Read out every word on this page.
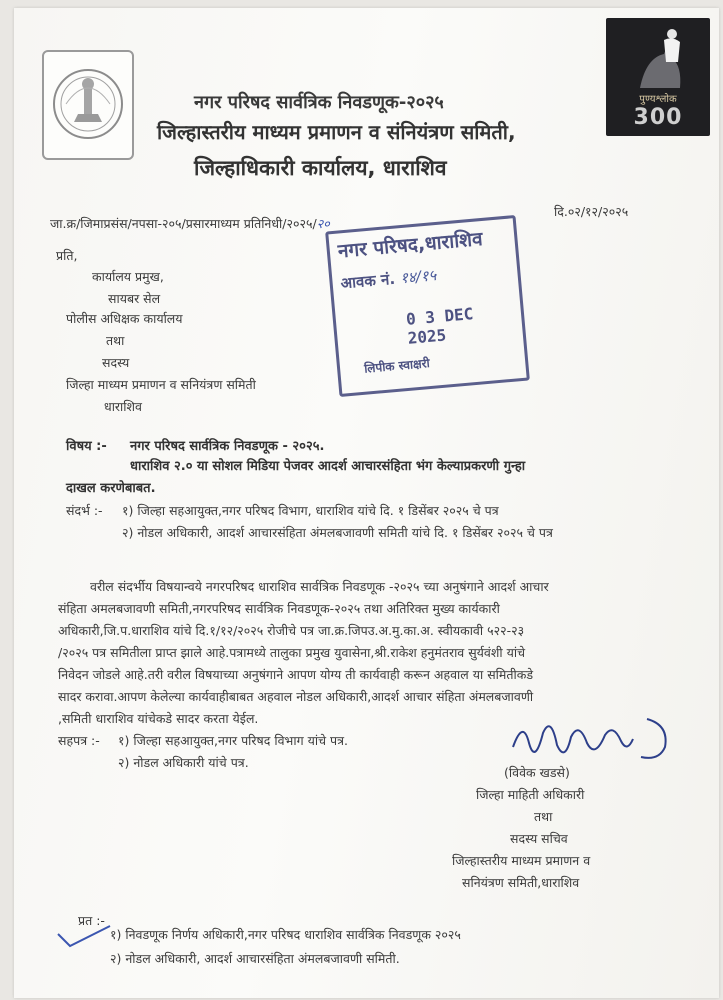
पुण्यश्लोक
300
नगर परिषद सार्वत्रिक निवडणूक-२०२५
जिल्हास्तरीय माध्यम प्रमाणन व संनियंत्रण समिती,
जिल्हाधिकारी कार्यालय, धाराशिव
जा.क्र/जिमाप्रसंस/नपसा-२०५/प्रसारमाध्यम प्रतिनिधी/२०२५/२०
दि.०२/१२/२०२५
प्रति,
कार्यालय प्रमुख,
सायबर सेल
पोलीस अधिक्षक कार्यालय
तथा
सदस्य
जिल्हा माध्यम प्रमाणन व सनियंत्रण समिती
धाराशिव
नगर परिषद,धाराशिव
आवक नं. १४/१५
0 3 DEC 2025
लिपीक स्वाक्षरी
विषय :- नगर परिषद सार्वत्रिक निवडणूक - २०२५.
धाराशिव २.० या सोशल मिडिया पेजवर आदर्श आचारसंहिता भंग केल्याप्रकरणी गुन्हा
दाखल करणेबाबत.
संदर्भ :- १) जिल्हा सहआयुक्त,नगर परिषद विभाग, धाराशिव यांचे दि. १ डिसेंबर २०२५ चे पत्र
२) नोडल अधिकारी, आदर्श आचारसंहिता अंमलबजावणी समिती यांचे दि. १ डिसेंबर २०२५ चे पत्र
वरील संदर्भीय विषयान्वये नगरपरिषद धाराशिव सार्वत्रिक निवडणूक -२०२५ च्या अनुषंगाने आदर्श आचार
संहिता अमलबजावणी समिती,नगरपरिषद सार्वत्रिक निवडणूक-२०२५ तथा अतिरिक्त मुख्य कार्यकारी
अधिकारी,जि.प.धाराशिव यांचे दि.१/१२/२०२५ रोजीचे पत्र जा.क्र.जिपउ.अ.मु.का.अ. स्वीयकावी ५२२-२३
/२०२५ पत्र समितीला प्राप्त झाले आहे.पत्रामध्ये तालुका प्रमुख युवासेना,श्री.राकेश हनुमंतराव सुर्यवंशी यांचे
निवेदन जोडले आहे.तरी वरील विषयाच्या अनुषंगाने आपण योग्य ती कार्यवाही करून अहवाल या समितीकडे
सादर करावा.आपण केलेल्या कार्यवाहीबाबत अहवाल नोडल अधिकारी,आदर्श आचार संहिता अंमलबजावणी
,समिती धाराशिव यांचेकडे सादर करता येईल.
सहपत्र :- १) जिल्हा सहआयुक्त,नगर परिषद विभाग यांचे पत्र.
२) नोडल अधिकारी यांचे पत्र.
(विवेक खडसे)
जिल्हा माहिती अधिकारी
तथा
सदस्य सचिव
जिल्हास्तरीय माध्यम प्रमाणन व
सनियंत्रण समिती,धाराशिव
प्रत :-
१) निवडणूक निर्णय अधिकारी,नगर परिषद धाराशिव सार्वत्रिक निवडणूक २०२५
२) नोडल अधिकारी, आदर्श आचारसंहिता अंमलबजावणी समिती.
